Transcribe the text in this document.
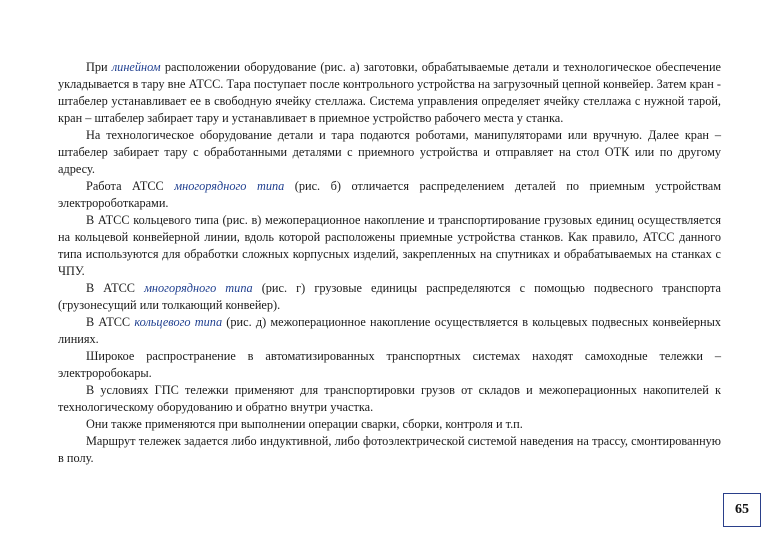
При линейном расположении оборудование (рис. а) заготовки, обрабатываемые детали и технологическое обеспечение укладывается в тару вне АТСС. Тара поступает после контрольного устройства на загрузочный цепной конвейер. Затем кран - штабелер устанавливает ее в свободную ячейку стеллажа. Система управления определяет ячейку стеллажа с нужной тарой, кран – штабелер забирает тару и устанавливает в приемное устройство рабочего места у станка.

На технологическое оборудование детали и тара подаются роботами, манипуляторами или вручную. Далее кран – штабелер забирает тару с обработанными деталями с приемного устройства и отправляет на стол ОТК или по другому адресу.

Работа АТСС многорядного типа (рис. б) отличается распределением деталей по приемным устройствам электророботкарами.

В АТСС кольцевого типа (рис. в) межоперационное накопление и транспортирование грузовых единиц осуществляется на кольцевой конвейерной линии, вдоль которой расположены приемные устройства станков. Как правило, АТСС данного типа используются для обработки сложных корпусных изделий, закрепленных на спутниках и обрабатываемых на станках с ЧПУ.

В АТСС многорядного типа (рис. г) грузовые единицы распределяются с помощью подвесного транспорта (грузонесущий или толкающий конвейер).

В АТСС кольцевого типа (рис. д) межоперационное накопление осуществляется в кольцевых подвесных конвейерных линиях.

Широкое распространение в автоматизированных транспортных системах находят самоходные тележки – электроробокары.

В условиях ГПС тележки применяют для транспортировки грузов от складов и межоперационных накопителей к технологическому оборудованию и обратно внутри участка.

Они также применяются при выполнении операции сварки, сборки, контроля и т.п.

Маршрут тележек задается либо индуктивной, либо фотоэлектрической системой наведения на трассу, смонтированную в полу.

65
